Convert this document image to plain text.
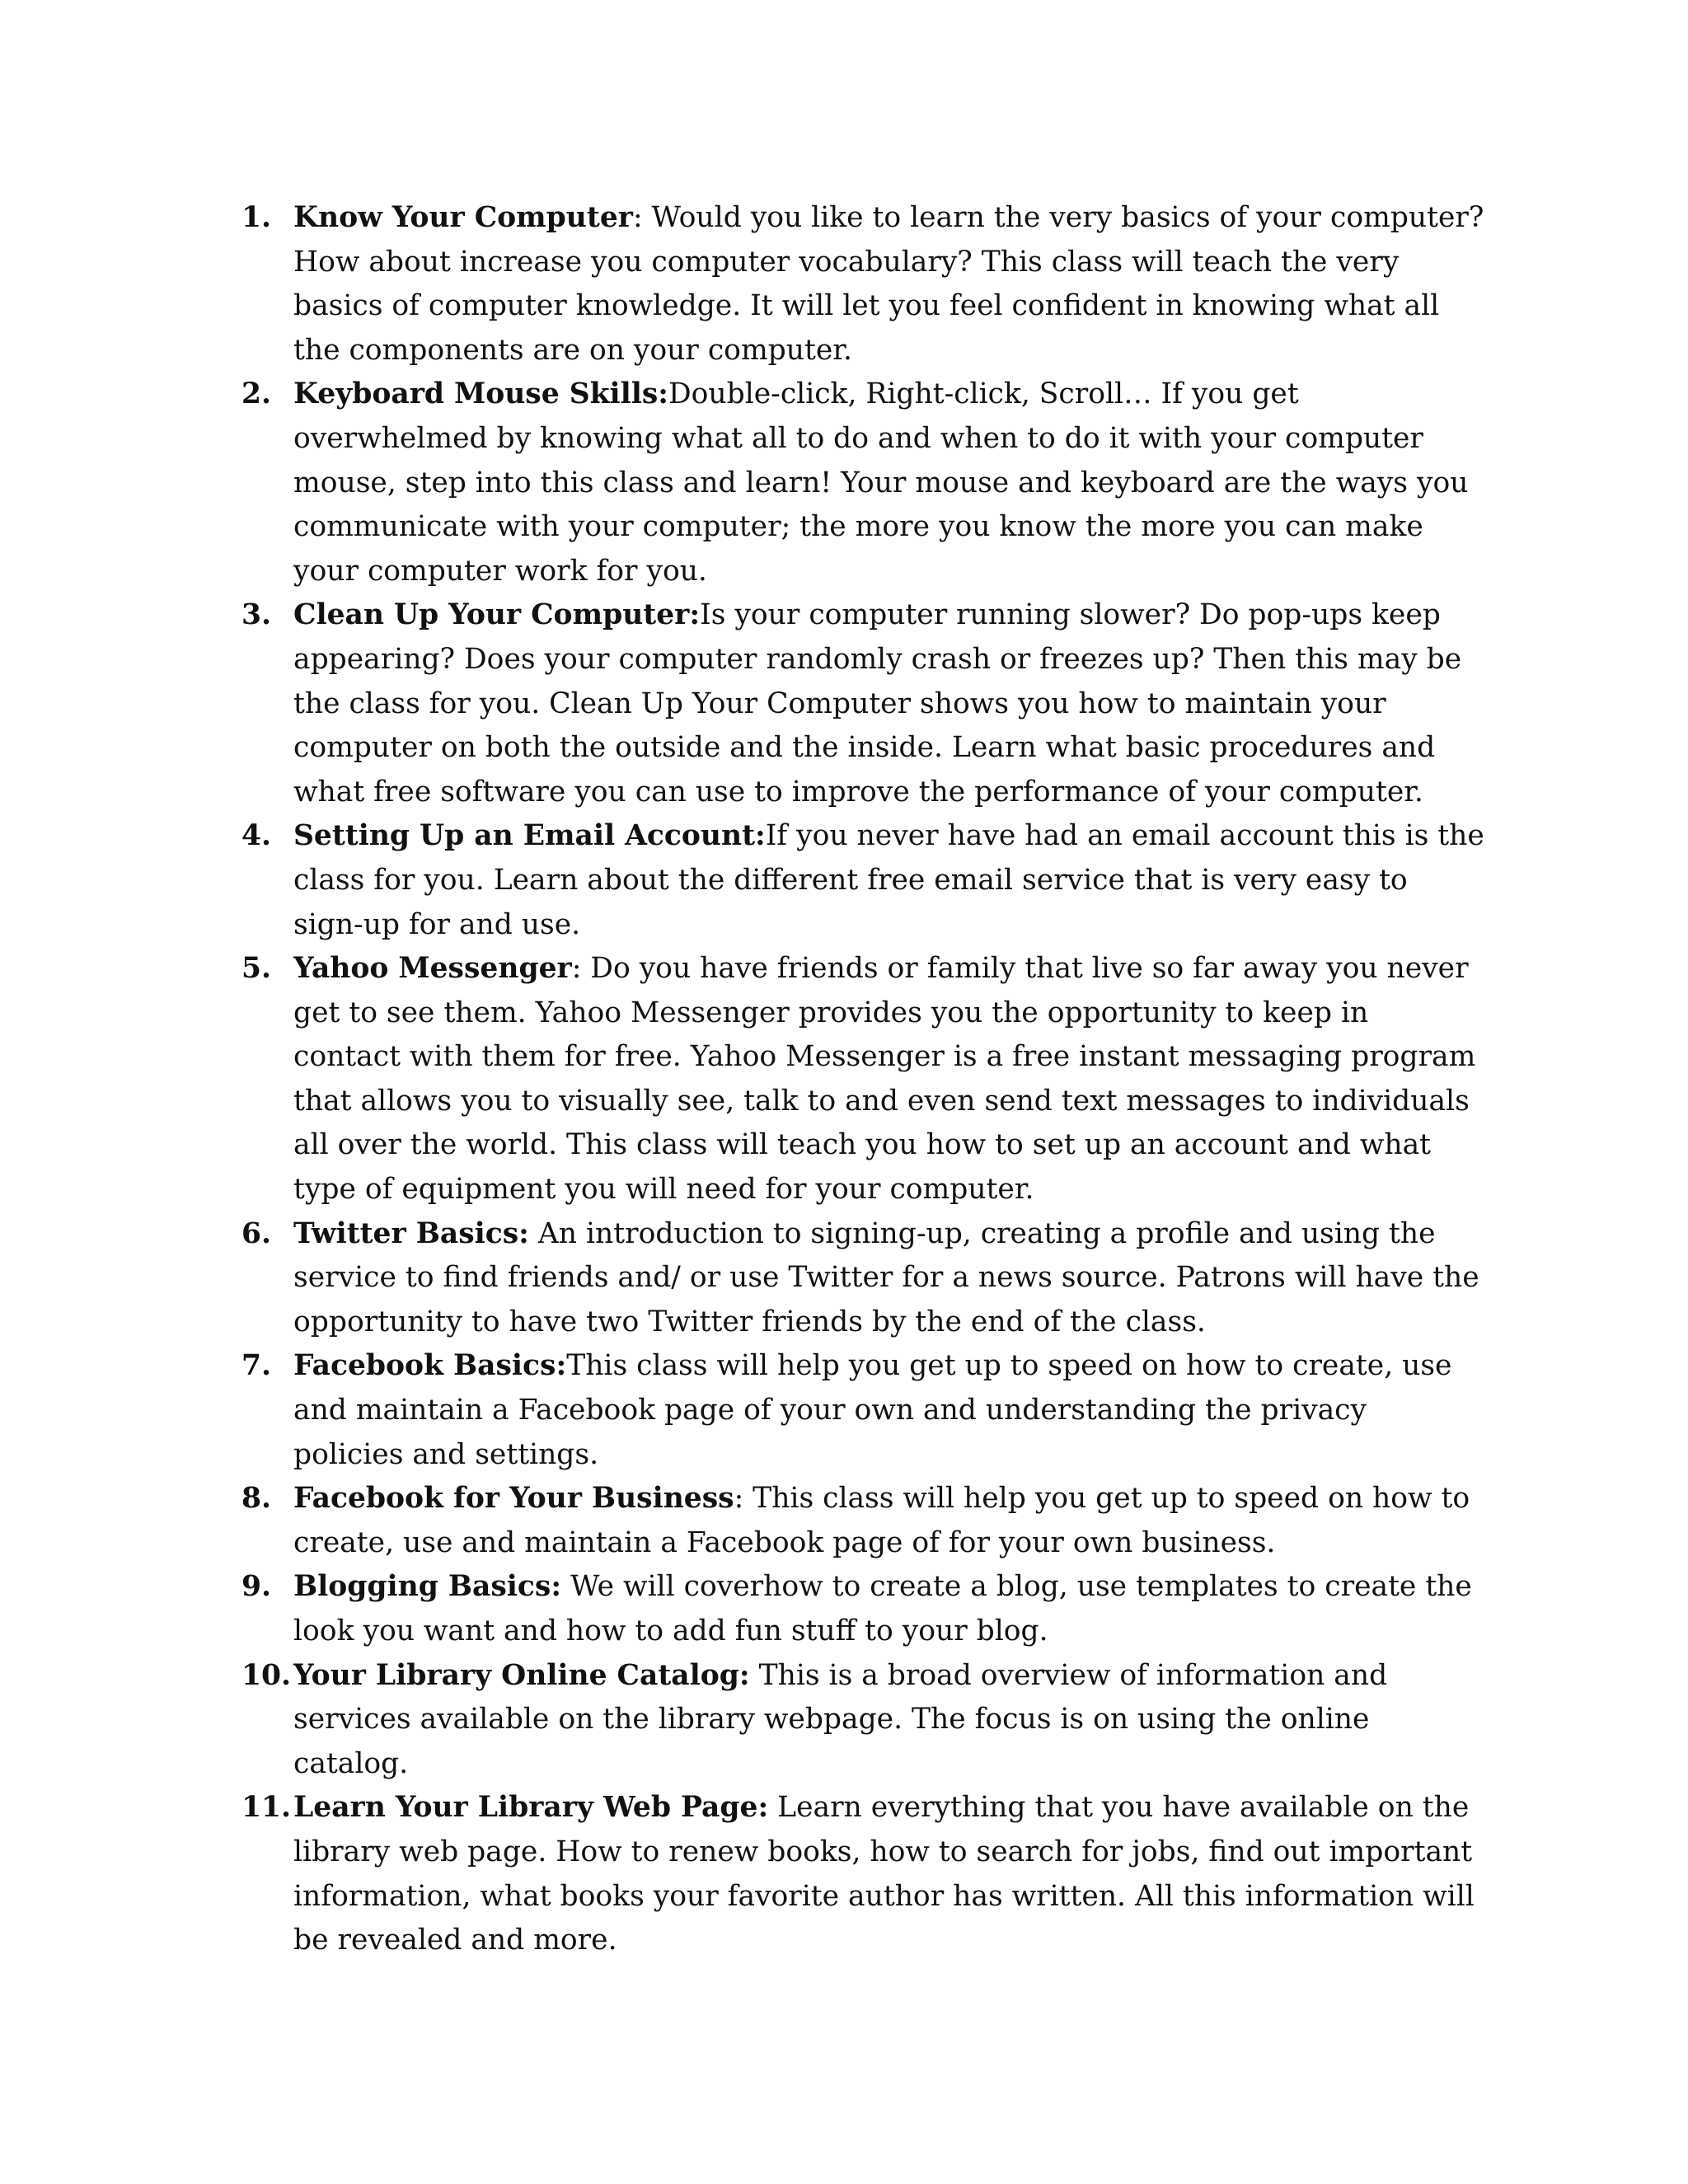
1. Know Your Computer: Would you like to learn the very basics of your computer? How about increase you computer vocabulary? This class will teach the very basics of computer knowledge. It will let you feel confident in knowing what all the components are on your computer.
2. Keyboard Mouse Skills:Double-click, Right-click, Scroll… If you get overwhelmed by knowing what all to do and when to do it with your computer mouse, step into this class and learn! Your mouse and keyboard are the ways you communicate with your computer; the more you know the more you can make your computer work for you.
3. Clean Up Your Computer:Is your computer running slower? Do pop-ups keep appearing? Does your computer randomly crash or freezes up? Then this may be the class for you. Clean Up Your Computer shows you how to maintain your computer on both the outside and the inside. Learn what basic procedures and what free software you can use to improve the performance of your computer.
4. Setting Up an Email Account:If you never have had an email account this is the class for you. Learn about the different free email service that is very easy to sign-up for and use.
5. Yahoo Messenger: Do you have friends or family that live so far away you never get to see them. Yahoo Messenger provides you the opportunity to keep in contact with them for free. Yahoo Messenger is a free instant messaging program that allows you to visually see, talk to and even send text messages to individuals all over the world. This class will teach you how to set up an account and what type of equipment you will need for your computer.
6. Twitter Basics: An introduction to signing-up, creating a profile and using the service to find friends and/ or use Twitter for a news source. Patrons will have the opportunity to have two Twitter friends by the end of the class.
7. Facebook Basics:This class will help you get up to speed on how to create, use and maintain a Facebook page of your own and understanding the privacy policies and settings.
8. Facebook for Your Business: This class will help you get up to speed on how to create, use and maintain a Facebook page of for your own business.
9. Blogging Basics: We will coverhow to create a blog, use templates to create the look you want and how to add fun stuff to your blog.
10. Your Library Online Catalog: This is a broad overview of information and services available on the library webpage. The focus is on using the online catalog.
11. Learn Your Library Web Page: Learn everything that you have available on the library web page. How to renew books, how to search for jobs, find out important information, what books your favorite author has written. All this information will be revealed and more.
